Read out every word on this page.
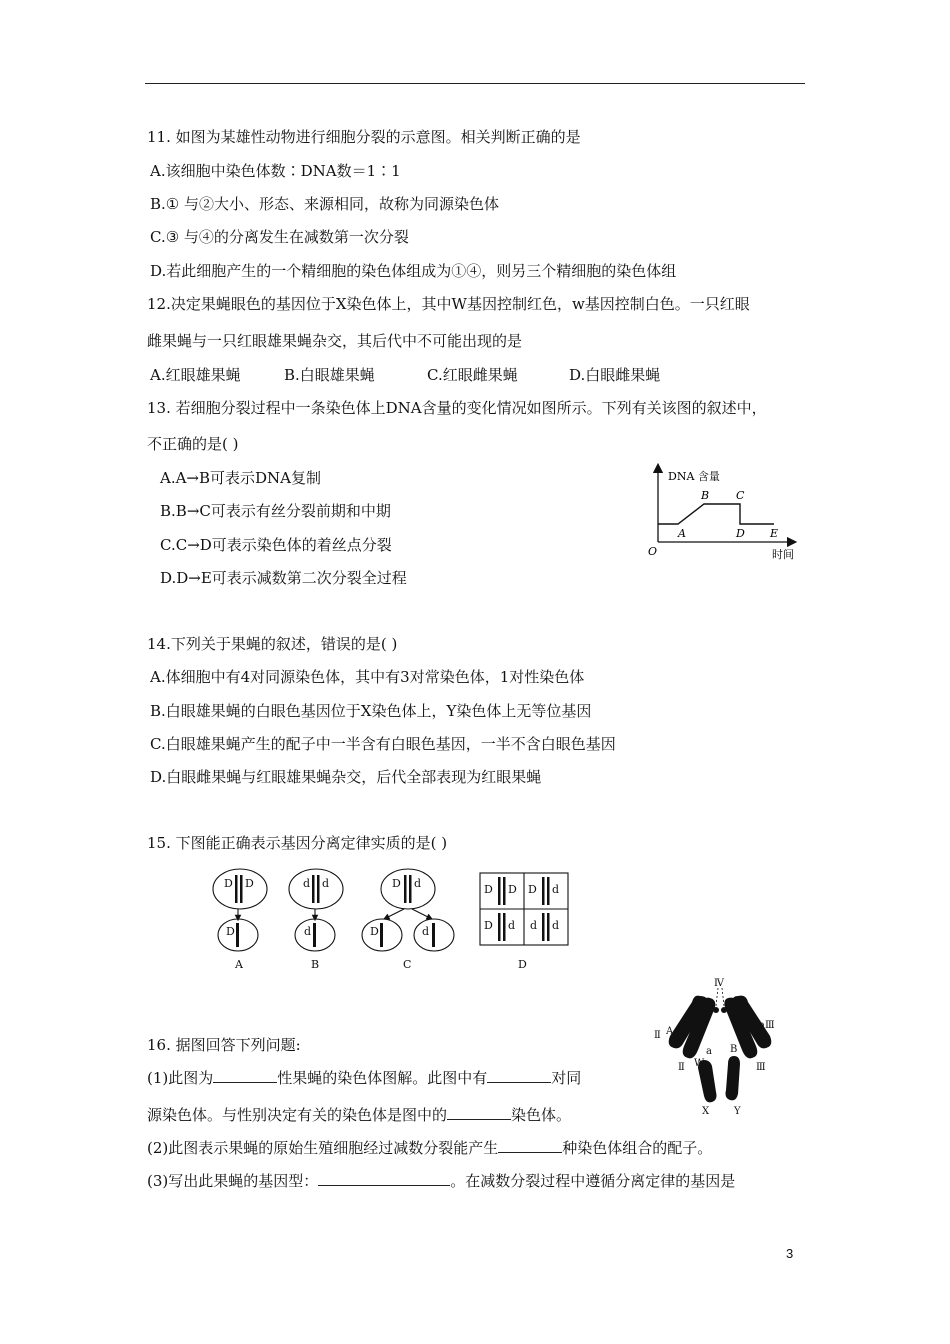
11. 如图为某雄性动物进行细胞分裂的示意图。相关判断正确的是
A.该细胞中染色体数∶DNA数＝1∶1
B.① 与②大小、形态、来源相同，故称为同源染色体
C.③ 与④的分离发生在减数第一次分裂
D.若此细胞产生的一个精细胞的染色体组成为①④，则另三个精细胞的染色体组
12.决定果蝇眼色的基因位于X染色体上，其中W基因控制红色，w基因控制白色。一只红眼
雌果蝇与一只红眼雄果蝇杂交，其后代中不可能出现的是
A.红眼雄果蝇	B.白眼雄果蝇	C.红眼雌果蝇	D.白眼雌果蝇
13. 若细胞分裂过程中一条染色体上DNA含量的变化情况如图所示。下列有关该图的叙述中，
不正确的是( )
A.A→B可表示DNA复制
B.B→C可表示有丝分裂前期和中期
C.C→D可表示染色体的着丝点分裂
D.D→E可表示减数第二次分裂全过程
DNA 含量
时间
O
A
B C
D E
14.下列关于果蝇的叙述，错误的是( )
A.体细胞中有4对同源染色体，其中有3对常染色体，1对性染色体
B.白眼雄果蝇的白眼色基因位于X染色体上，Y染色体上无等位基因
C.白眼雄果蝇产生的配子中一半含有白眼色基因，一半不含白眼色基因
D.白眼雌果蝇与红眼雄果蝇杂交，后代全部表现为红眼果蝇
15. 下图能正确表示基因分离定律实质的是( )
D D
D
d d
d
D d
D	d
D D D d
D d d d
A	B	C	D
16. 据图回答下列问题:
(1)此图为	性果蝇的染色体图解。此图中有	对同
源染色体。与性别决定有关的染色体是图中的	染色体。
(2)此图表示果蝇的原始生殖细胞经过减数分裂能产生	种染色体组合的配子。
(3)写出此果蝇的基因型：	。在减数分裂过程中遵循分离定律的基因是
Ⅳ
Ⅱ A
b Ⅲ
a
W
B
Ⅱ	Ⅲ
X Y
3
